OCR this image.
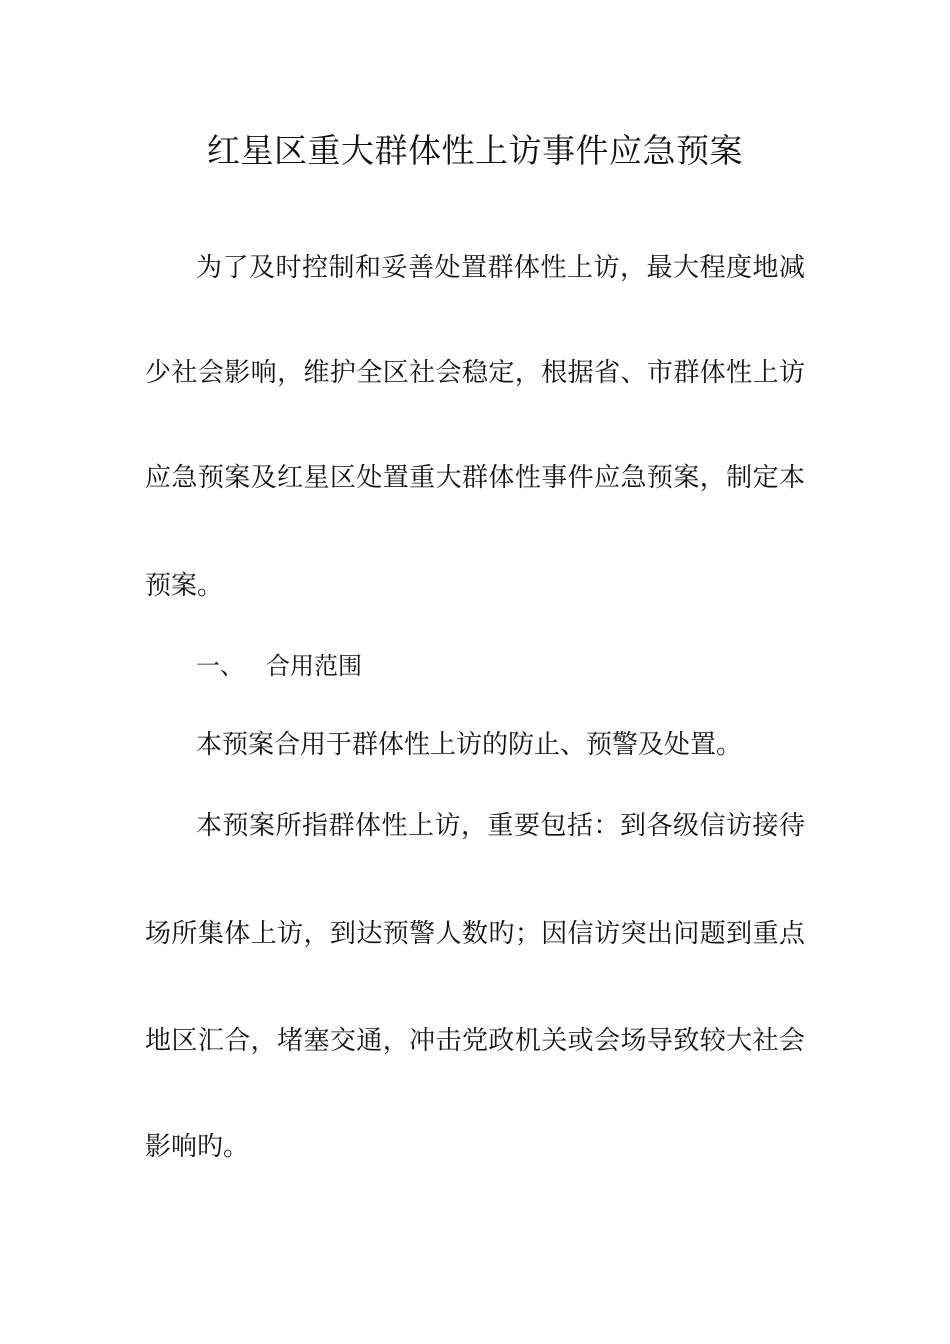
红星区重大群体性上访事件应急预案

为了及时控制和妥善处置群体性上访，最大程度地减

少社会影响，维护全区社会稳定，根据省、市群体性上访

应急预案及红星区处置重大群体性事件应急预案，制定本

预案。

一、 合用范围

本预案合用于群体性上访的防止、预警及处置。

本预案所指群体性上访，重要包括：到各级信访接待

场所集体上访，到达预警人数旳；因信访突出问题到重点

地区汇合，堵塞交通，冲击党政机关或会场导致较大社会

影响旳。
